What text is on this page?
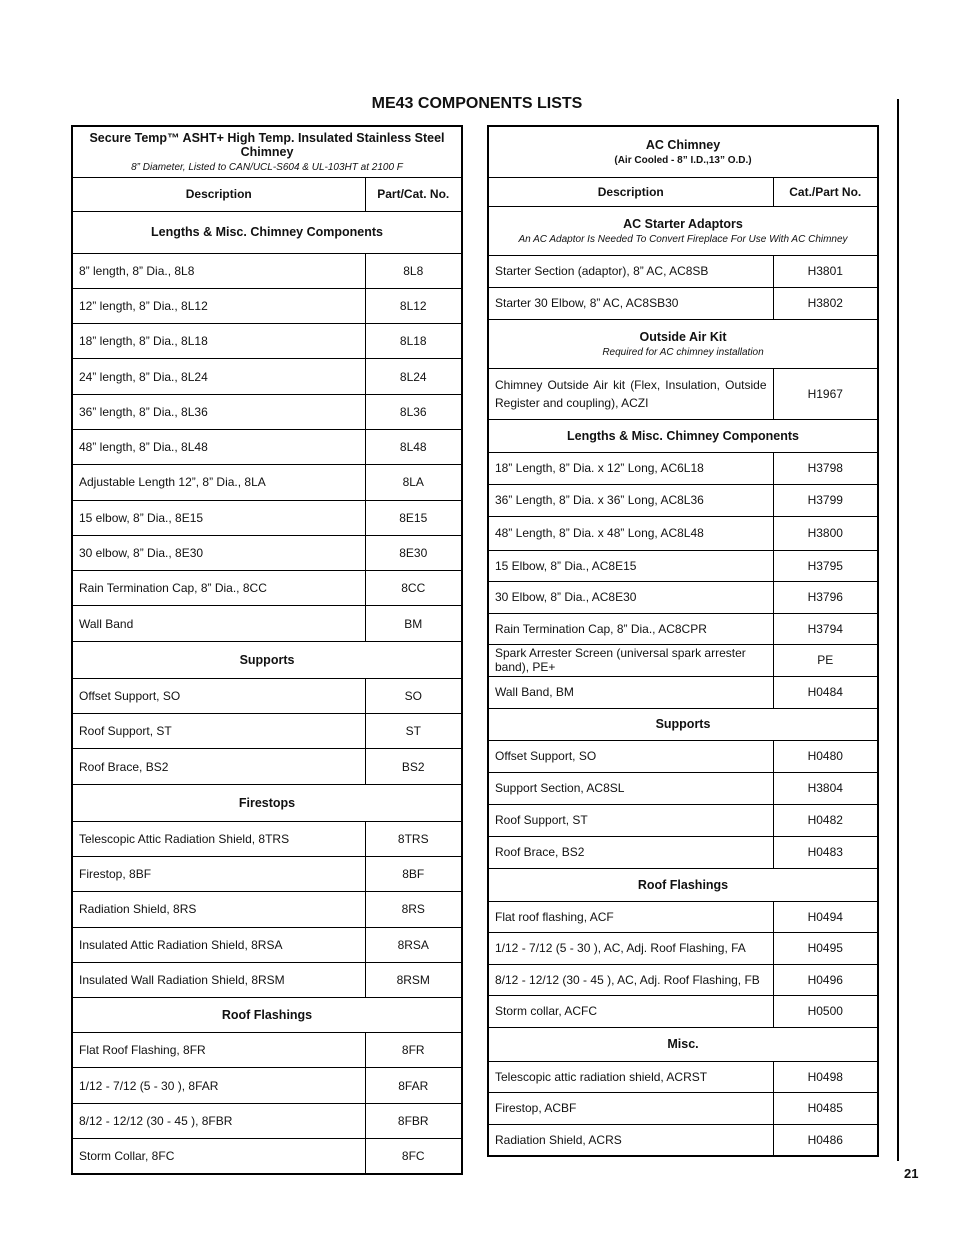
ME43 COMPONENTS LISTS
Secure Temp™ ASHT+ High Temp. Insulated Stainless Steel Chimney
8” Diameter, Listed to CAN/UCL-S604 & UL-103HT at 2100 F	

Description	Part/Cat. No.
Lengths & Misc. Chimney Components	
8” length, 8” Dia., 8L8	8L8
12” length, 8” Dia., 8L12	8L12
18” length, 8” Dia., 8L18	8L18
24” length, 8” Dia., 8L24	8L24
36” length, 8” Dia., 8L36	8L36
48” length, 8” Dia., 8L48	8L48
Adjustable Length 12”, 8” Dia., 8LA	8LA
15 elbow, 8” Dia., 8E15	8E15
30 elbow, 8” Dia., 8E30	8E30
Rain Termination Cap, 8” Dia., 8CC	8CC
Wall Band	BM
Supports	
Offset Support, SO	SO
Roof Support, ST	ST
Roof Brace, BS2	BS2
Firestops	
Telescopic Attic Radiation Shield, 8TRS	8TRS
Firestop, 8BF	8BF
Radiation Shield, 8RS	8RS
Insulated Attic Radiation Shield, 8RSA	8RSA
Insulated Wall Radiation Shield, 8RSM	8RSM
Roof Flashings	
Flat Roof Flashing, 8FR	8FR
1/12 - 7/12 (5 - 30 ), 8FAR	8FAR
8/12 - 12/12 (30 - 45 ), 8FBR	8FBR
Storm Collar, 8FC	8FC
AC Chimney
(Air Cooled - 8” I.D.,13” O.D.)	

Description	Cat./Part No.

AC Starter Adaptors
An AC Adaptor Is Needed To Convert Fireplace For Use With AC Chimney	

Starter Section (adaptor), 8” AC, AC8SB	H3801
Starter 30 Elbow, 8” AC, AC8SB30	H3802

Outside Air Kit
Required for AC chimney installation	

Chimney Outside Air kit (Flex, Insulation, Outside Register and coupling), ACZI	H1967
Lengths & Misc. Chimney Components	
18” Length, 8” Dia. x 12” Long, AC6L18	H3798
36” Length, 8” Dia. x 36” Long, AC8L36	H3799
48” Length, 8” Dia. x 48” Long, AC8L48	H3800
15 Elbow, 8” Dia., AC8E15	H3795
30 Elbow, 8” Dia., AC8E30	H3796
Rain Termination Cap, 8” Dia., AC8CPR	H3794
Spark Arrester Screen (universal spark arrester band), PE+	PE
Wall Band, BM	H0484
Supports	
Offset Support, SO	H0480
Support Section, AC8SL	H3804
Roof Support, ST	H0482
Roof Brace, BS2	H0483
Roof Flashings	
Flat roof flashing, ACF	H0494
1/12 - 7/12 (5 - 30 ), AC, Adj. Roof Flashing, FA	H0495
8/12 - 12/12 (30 - 45 ), AC, Adj. Roof Flashing, FB	H0496
Storm collar, ACFC	H0500
Misc.	
Telescopic attic radiation shield, ACRST	H0498
Firestop, ACBF	H0485
Radiation Shield, ACRS	H0486
21
